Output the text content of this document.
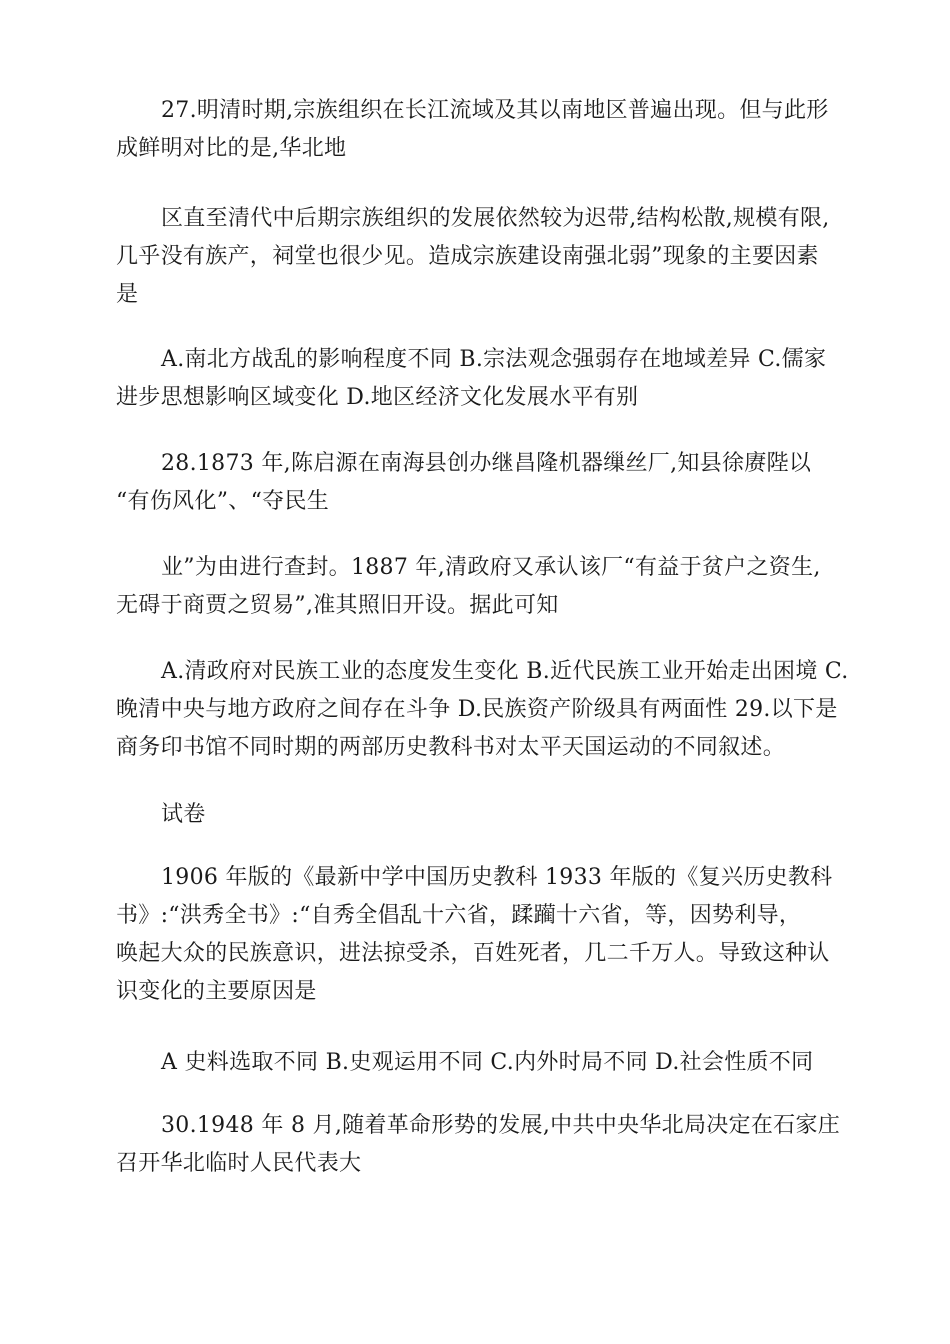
27.明清时期,宗族组织在长江流域及其以南地区普遍出现。但与此形
成鲜明对比的是,华北地
区直至清代中后期宗族组织的发展依然较为迟带,结构松散,规模有限,
几乎没有族产，祠堂也很少见。造成宗族建设南强北弱”现象的主要因素
是
A.南北方战乱的影响程度不同 B.宗法观念强弱存在地域差异 C.儒家
进步思想影响区域变化 D.地区经济文化发展水平有别
28.1873 年,陈启源在南海县创办继昌隆机器缫丝厂,知县徐赓陛以
“有伤风化”、“夺民生
业”为由进行查封。1887 年,清政府又承认该厂“有益于贫户之资生,
无碍于商贾之贸易”,准其照旧开设。据此可知
A.清政府对民族工业的态度发生变化 B.近代民族工业开始走出困境 C.
晚清中央与地方政府之间存在斗争 D.民族资产阶级具有两面性 29.以下是
商务印书馆不同时期的两部历史教科书对太平天国运动的不同叙述。
试卷
1906 年版的《最新中学中国历史教科 1933 年版的《复兴历史教科
书》:“洪秀全书》:“自秀全倡乱十六省，蹂躏十六省，等，因势利导，
唤起大众的民族意识，进法掠受杀，百姓死者，几二千万人。导致这种认
识变化的主要原因是
A 史料选取不同 B.史观运用不同 C.内外时局不同 D.社会性质不同
30.1948 年 8 月,随着革命形势的发展,中共中央华北局决定在石家庄
召开华北临时人民代表大
